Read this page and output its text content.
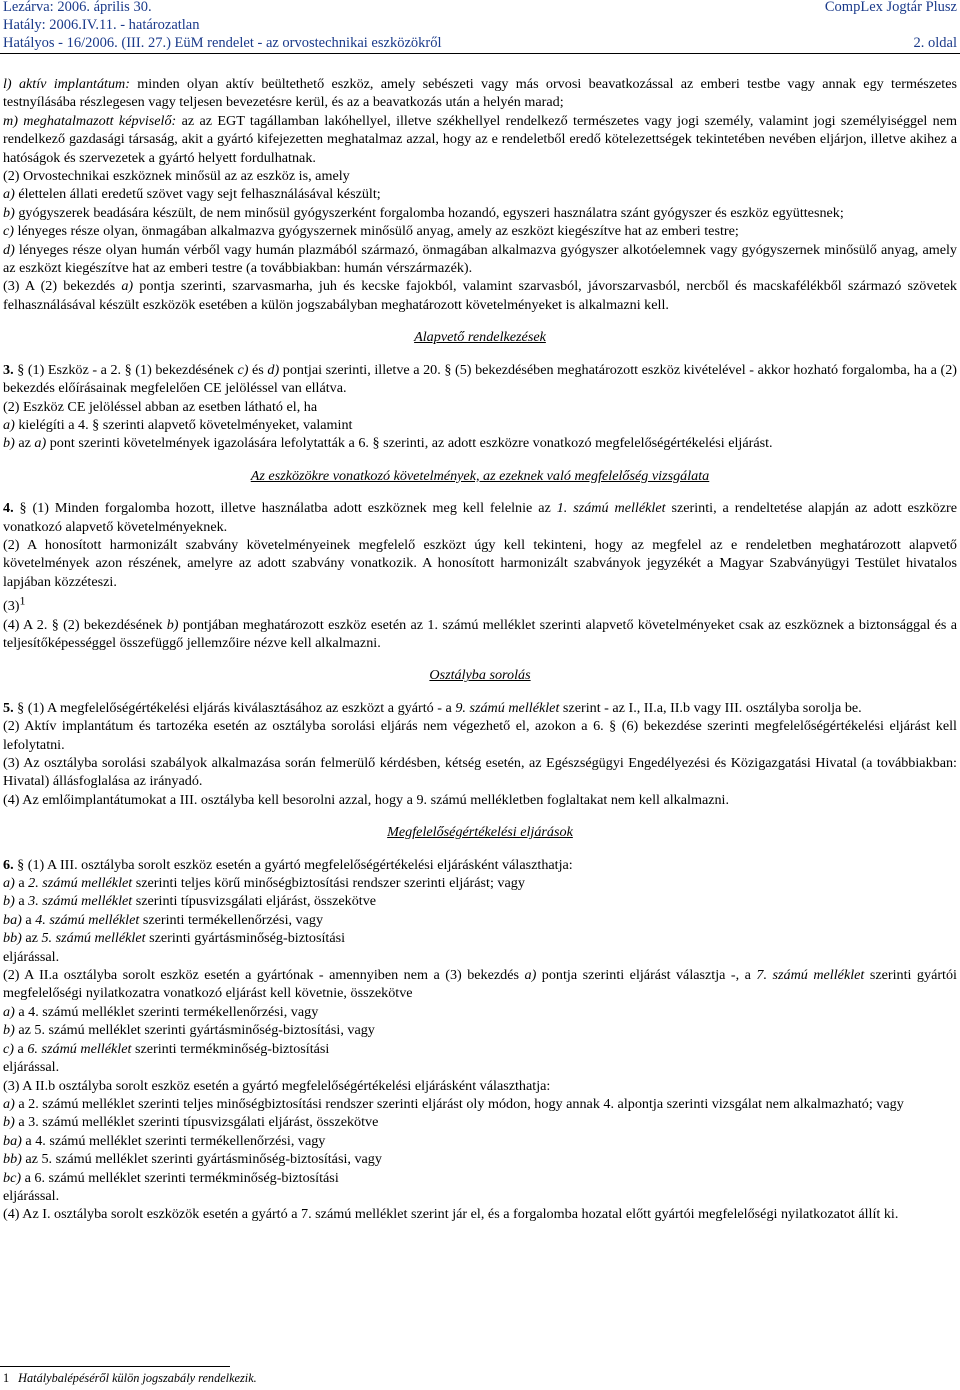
Lezárva: 2006. április 30.
Hatály: 2006.IV.11. - határozatlan
Hatályos - 16/2006. (III. 27.) EüM rendelet - az orvostechnikai eszközökről
CompLex Jogtár Plusz
2. oldal

l) aktív implantátum: minden olyan aktív beültethető eszköz, amely sebészeti vagy más orvosi beavatkozással az emberi testbe vagy annak egy természetes testnyílásába részlegesen vagy teljesen bevezetésre kerül, és az a beavatkozás után a helyén marad;

m) meghatalmazott képviselő: az az EGT tagállamban lakóhellyel, illetve székhellyel rendelkező természetes vagy jogi személy, valamint jogi személyiséggel nem rendelkező gazdasági társaság, akit a gyártó kifejezetten meghatalmaz azzal, hogy az e rendeletből eredő kötelezettségek tekintetében nevében eljárjon, illetve akihez a hatóságok és szervezetek a gyártó helyett fordulhatnak.

(2) Orvostechnikai eszköznek minősül az az eszköz is, amely

a) élettelen állati eredetű szövet vagy sejt felhasználásával készült;

b) gyógyszerek beadására készült, de nem minősül gyógyszerként forgalomba hozandó, egyszeri használatra szánt gyógyszer és eszköz együttesnek;

c) lényeges része olyan, önmagában alkalmazva gyógyszernek minősülő anyag, amely az eszközt kiegészítve hat az emberi testre;

d) lényeges része olyan humán vérből vagy humán plazmából származó, önmagában alkalmazva gyógyszer alkotóelemnek vagy gyógyszernek minősülő anyag, amely az eszközt kiegészítve hat az emberi testre (a továbbiakban: humán vérszármazék).

(3) A (2) bekezdés a) pontja szerinti, szarvasmarha, juh és kecske fajokból, valamint szarvasból, jávorszarvasból, nercből és macskafélékből származó szövetek felhasználásával készült eszközök esetében a külön jogszabályban meghatározott követelményeket is alkalmazni kell.

Alapvető rendelkezések

3. § (1) Eszköz - a 2. § (1) bekezdésének c) és d) pontjai szerinti, illetve a 20. § (5) bekezdésében meghatározott eszköz kivételével - akkor hozható forgalomba, ha a (2) bekezdés előírásainak megfelelően CE jelöléssel van ellátva.

(2) Eszköz CE jelöléssel abban az esetben látható el, ha

a) kielégíti a 4. § szerinti alapvető követelményeket, valamint

b) az a) pont szerinti követelmények igazolására lefolytatták a 6. § szerinti, az adott eszközre vonatkozó megfelelőségértékelési eljárást.

Az eszközökre vonatkozó követelmények, az ezeknek való megfelelőség vizsgálata

4. § (1) Minden forgalomba hozott, illetve használatba adott eszköznek meg kell felelnie az 1. számú melléklet szerinti, a rendeltetése alapján az adott eszközre vonatkozó alapvető követelményeknek.

(2) A honosított harmonizált szabvány követelményeinek megfelelő eszközt úgy kell tekinteni, hogy az megfelel az e rendeletben meghatározott alapvető követelmények azon részének, amelyre az adott szabvány vonatkozik. A honosított harmonizált szabványok jegyzékét a Magyar Szabványügyi Testület hivatalos lapjában közzéteszi.

$(3)^1$

(4) A 2. § (2) bekezdésének b) pontjában meghatározott eszköz esetén az 1. számú melléklet szerinti alapvető követelményeket csak az eszköznek a biztonsággal és a teljesítőképességgel összefüggő jellemzőire nézve kell alkalmazni.

Osztályba sorolás

5. § (1) A megfelelőségértékelési eljárás kiválasztásához az eszközt a gyártó - a 9. számú melléklet szerint - az I., II.a, II.b vagy III. osztályba sorolja be.

(2) Aktív implantátum és tartozéka esetén az osztályba sorolási eljárás nem végezhető el, azokon a 6. § (6) bekezdése szerinti megfelelőségértékelési eljárást kell lefolytatni.

(3) Az osztályba sorolási szabályok alkalmazása során felmerülő kérdésben, kétség esetén, az Egészségügyi Engedélyezési és Közigazgatási Hivatal (a továbbiakban: Hivatal) állásfoglalása az irányadó.

(4) Az emlőimplantátumokat a III. osztályba kell besorolni azzal, hogy a 9. számú mellékletben foglaltakat nem kell alkalmazni.

Megfelelőségértékelési eljárások

6. § (1) A III. osztályba sorolt eszköz esetén a gyártó megfelelőségértékelési eljárásként választhatja:

a) a 2. számú melléklet szerinti teljes körű minőségbiztosítási rendszer szerinti eljárást; vagy

b) a 3. számú melléklet szerinti típusvizsgálati eljárást, összekötve

ba) a 4. számú melléklet szerinti termékellenőrzési, vagy

bb) az 5. számú melléklet szerinti gyártásminőség-biztosítási

eljárással.

(2) A II.a osztályba sorolt eszköz esetén a gyártónak - amennyiben nem a (3) bekezdés a) pontja szerinti eljárást választja -, a 7. számú melléklet szerinti gyártói megfelelőségi nyilatkozatra vonatkozó eljárást kell követnie, összekötve

a) a 4. számú melléklet szerinti termékellenőrzési, vagy

b) az 5. számú melléklet szerinti gyártásminőség-biztosítási, vagy

c) a 6. számú melléklet szerinti termékminőség-biztosítási

eljárással.

(3) A II.b osztályba sorolt eszköz esetén a gyártó megfelelőségértékelési eljárásként választhatja:

a) a 2. számú melléklet szerinti teljes minőségbiztosítási rendszer szerinti eljárást oly módon, hogy annak 4. alpontja szerinti vizsgálat nem alkalmazható; vagy

b) a 3. számú melléklet szerinti típusvizsgálati eljárást, összekötve

ba) a 4. számú melléklet szerinti termékellenőrzési, vagy

bb) az 5. számú melléklet szerinti gyártásminőség-biztosítási, vagy

bc) a 6. számú melléklet szerinti termékminőség-biztosítási

eljárással.

(4) Az I. osztályba sorolt eszközök esetén a gyártó a 7. számú melléklet szerint jár el, és a forgalomba hozatal előtt gyártói megfelelőségi nyilatkozatot állít ki.

1 Hatálybalépéséről külön jogszabály rendelkezik.
